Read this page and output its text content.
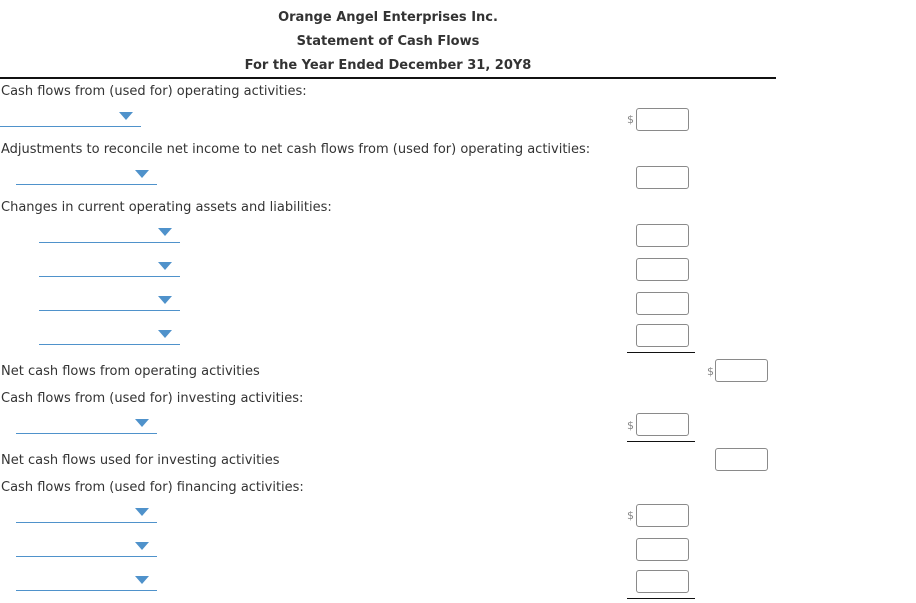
Orange Angel Enterprises Inc.
Statement of Cash Flows
For the Year Ended December 31, 20Y8
Cash flows from (used for) operating activities:
$
Adjustments to reconcile net income to net cash flows from (used for) operating activities:
Changes in current operating assets and liabilities:
Net cash flows from operating activities	$
Cash flows from (used for) investing activities:
$
Net cash flows used for investing activities
Cash flows from (used for) financing activities:
$
